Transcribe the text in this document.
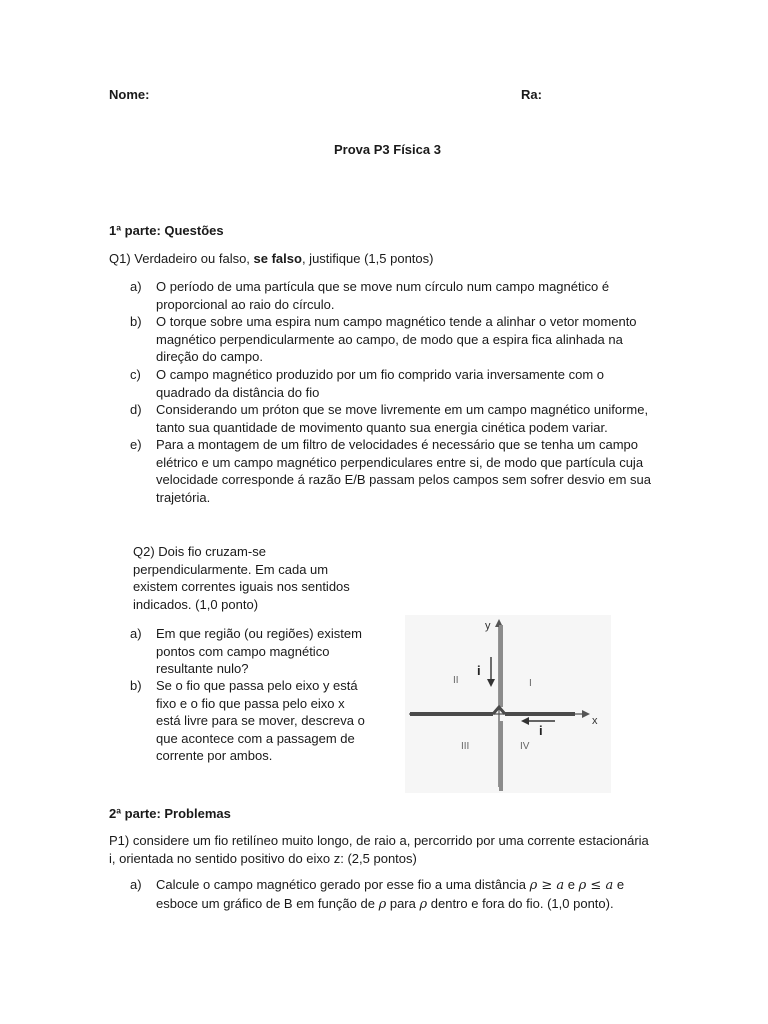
Nome:	Ra:
Prova P3 Física 3
1ª parte: Questões
Q1) Verdadeiro ou falso, se falso, justifique (1,5 pontos)
a) O período de uma partícula que se move num círculo num campo magnético é proporcional ao raio do círculo.
b) O torque sobre uma espira num campo magnético tende a alinhar o vetor momento magnético perpendicularmente ao campo, de modo que a espira fica alinhada na direção do campo.
c) O campo magnético produzido por um fio comprido varia inversamente com o quadrado da distância do fio
d) Considerando um próton que se move livremente em um campo magnético uniforme, tanto sua quantidade de movimento quanto sua energia cinética podem variar.
e) Para a montagem de um filtro de velocidades é necessário que se tenha um campo elétrico e um campo magnético perpendiculares entre si, de modo que partícula cuja velocidade corresponde á razão E/B passam pelos campos sem sofrer desvio em sua trajetória.
Q2) Dois fio cruzam-se perpendicularmente. Em cada um existem correntes iguais nos sentidos indicados. (1,0 ponto)
a) Em que região (ou regiões) existem pontos com campo magnético resultante nulo?
b) Se o fio que passa pelo eixo y está fixo e o fio que passa pelo eixo x está livre para se mover, descreva o que acontece com a passagem de corrente por ambos.
y
x
i
i
I
II
III	IV
2ª parte: Problemas
P1) considere um fio retilíneo muito longo, de raio a, percorrido por uma corrente estacionária i, orientada no sentido positivo do eixo z: (2,5 pontos)
a) Calcule o campo magnético gerado por esse fio a uma distância ρ ≥ a e ρ ≤ a e
esboce um gráfico de B em função de ρ para ρ dentro e fora do fio. (1,0 ponto).
